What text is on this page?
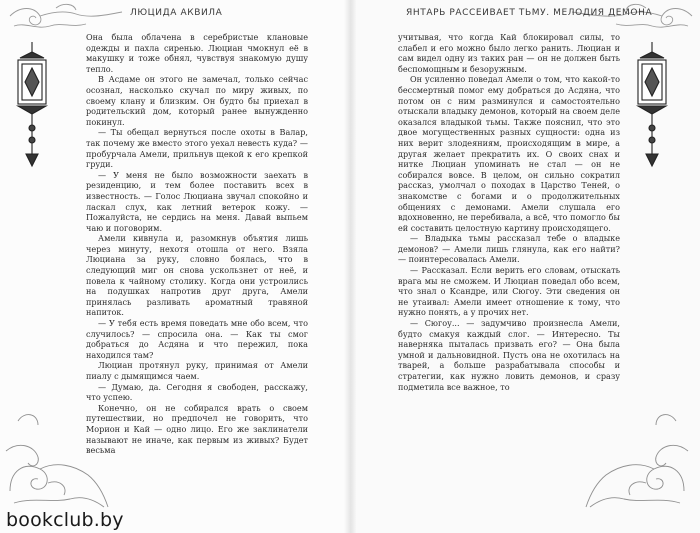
ЛЮЦИДА АКВИЛА

Она была облачена в серебристые клановые одежды и пахла сиренью. Люциан чмокнул её в макушку и тоже обнял, чувствуя знакомую душу тепло.

В Асдаме он этого не замечал, только сейчас осознал, насколько скучал по миру живых, по своему клану и близким. Он будто бы приехал в родительский дом, который ранее вынужденно покинул.

— Ты обещал вернуться после охоты в Валар, так почему же вместо этого уехал невесть куда? — пробурчала Амели, прильнув щекой к его крепкой груди.

— У меня не было возможности заехать в резиденцию, и тем более поставить всех в известность. — Голос Люциана звучал спокойно и ласкал слух, как летний ветерок кожу. — Пожалуйста, не сердись на меня. Давай выпьем чаю и поговорим.

Амели кивнула и, разомкнув объятия лишь через минуту, нехотя отошла от него. Взяла Люциана за руку, словно боялась, что в следующий миг он снова ускользнет от неё, и повела к чайному столику. Когда они устроились на подушках напротив друг друга, Амели принялась разливать ароматный травяной напиток.

— У тебя есть время поведать мне обо всем, что случилось? — спросила она. — Как ты смог добраться до Асдяна и что пережил, пока находился там?

Люциан протянул руку, принимая от Амели пиалу с дымящимся чаем.

— Думаю, да. Сегодня я свободен, расскажу, что успею.

Конечно, он не собирался врать о своем путешествии, но предпочел не говорить, что Морион и Кай — одно лицо. Его же заклинатели называют не иначе, как первым из живых? Будет весьма

ЯНТАРЬ РАССЕИВАЕТ ТЬМУ. МЕЛОДИЯ ДЕМОНА

учитывая, что когда Кай блокировал силы, то слабел и его можно было легко ранить. Люциан и сам видел одну из таких ран — он не должен быть беспомощным и безоружным.

Он усиленно поведал Амели о том, что какой-то бессмертный помог ему добраться до Асдяна, что потом он с ним разминулся и самостоятельно отыскали владыку демонов, который на своем деле оказался владыкой тьмы. Также пояснил, что это двое могущественных разных сущности: одна из них верит злодеяниям, происходящим в мире, а другая желает прекратить их. О своих снах и нитке Люциан упоминать не стал — он не собирался вовсе. В целом, он сильно сократил рассказ, умолчал о походах в Царство Теней, о знакомстве с богами и о продолжительных общениях с демонами. Амели слушала его вдохновенно, не перебивала, а всё, что помогло бы ей составить целостную картину происходящего.

— Владыка тьмы рассказал тебе о владыке демонов? — Амели лишь глянула, как его найти? — поинтересовалась Амели.

— Рассказал. Если верить его словам, отыскать врага мы не сможем. И Люциан поведал обо всем, что знал о Ксандре, или Сюгоу. Эти сведения он не утаивал: Амели имеет отношение к тому, что нужно понять, а у прочих нет.

— Сюгоу... — задумчиво произнесла Амели, будто смакуя каждый слог. — Интересно. Ты наверняка пыталась призвать его? — Она была умной и дальновидной. Пусть она не охотилась на тварей, а больше разрабатывала способы и стратегии, как нужно ловить демонов, и сразу подметила все важное, то

bookclub.by
